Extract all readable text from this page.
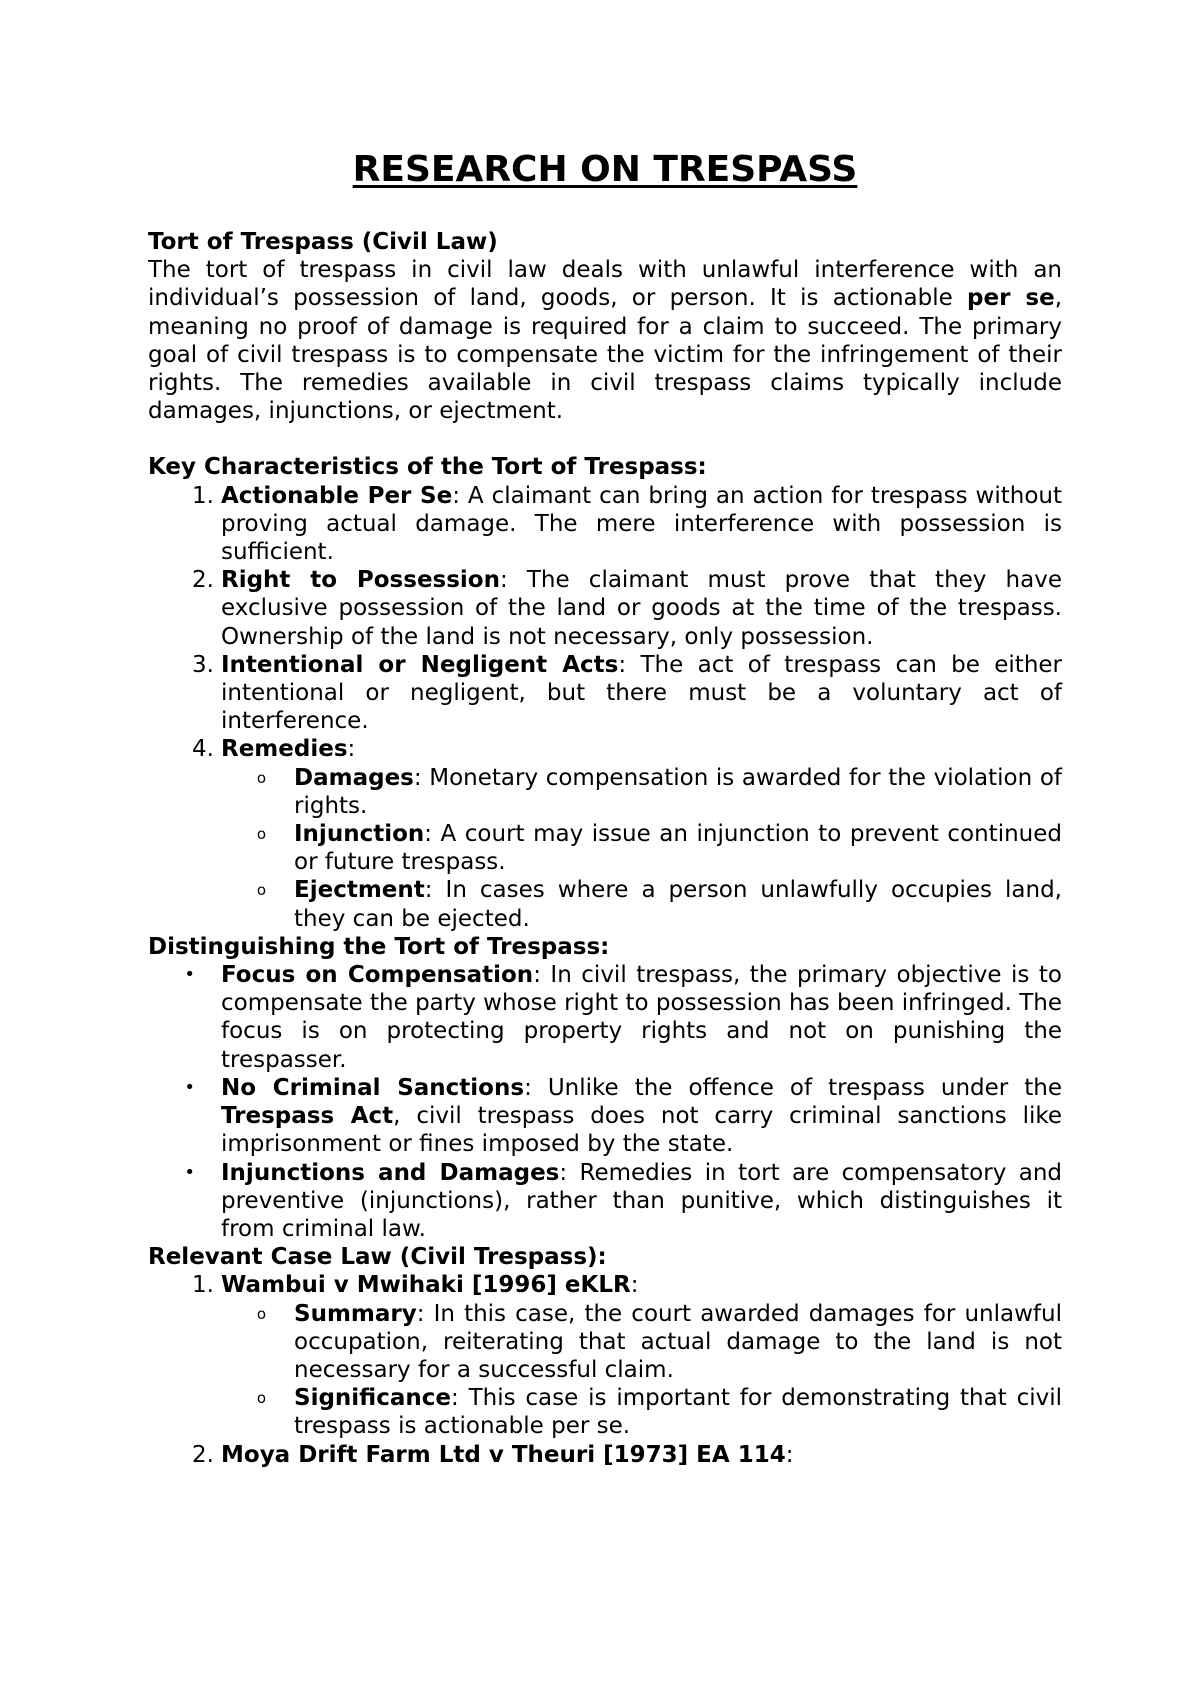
RESEARCH ON TRESPASS

Tort of Trespass (Civil Law)

The tort of trespass in civil law deals with unlawful interference with an individual’s possession of land, goods, or person. It is actionable per se, meaning no proof of damage is required for a claim to succeed. The primary goal of civil trespass is to compensate the victim for the infringement of their rights. The remedies available in civil trespass claims typically include damages, injunctions, or ejectment.

Key Characteristics of the Tort of Trespass:

1. Actionable Per Se: A claimant can bring an action for trespass without proving actual damage. The mere interference with possession is sufficient.
2. Right to Possession: The claimant must prove that they have exclusive possession of the land or goods at the time of the trespass. Ownership of the land is not necessary, only possession.
3. Intentional or Negligent Acts: The act of trespass can be either intentional or negligent, but there must be a voluntary act of interference.
4. Remedies:
o	Damages: Monetary compensation is awarded for the violation of rights.
o	Injunction: A court may issue an injunction to prevent continued or future trespass.
o	Ejectment: In cases where a person unlawfully occupies land, they can be ejected.

Distinguishing the Tort of Trespass:

•	Focus on Compensation: In civil trespass, the primary objective is to compensate the party whose right to possession has been infringed. The focus is on protecting property rights and not on punishing the trespasser.
•	No Criminal Sanctions: Unlike the offence of trespass under the Trespass Act, civil trespass does not carry criminal sanctions like imprisonment or fines imposed by the state.
•	Injunctions and Damages: Remedies in tort are compensatory and preventive (injunctions), rather than punitive, which distinguishes it from criminal law.

Relevant Case Law (Civil Trespass):

1. Wambui v Mwihaki [1996] eKLR:
o	Summary: In this case, the court awarded damages for unlawful occupation, reiterating that actual damage to the land is not necessary for a successful claim.
o	Significance: This case is important for demonstrating that civil trespass is actionable per se.
2. Moya Drift Farm Ltd v Theuri [1973] EA 114:
